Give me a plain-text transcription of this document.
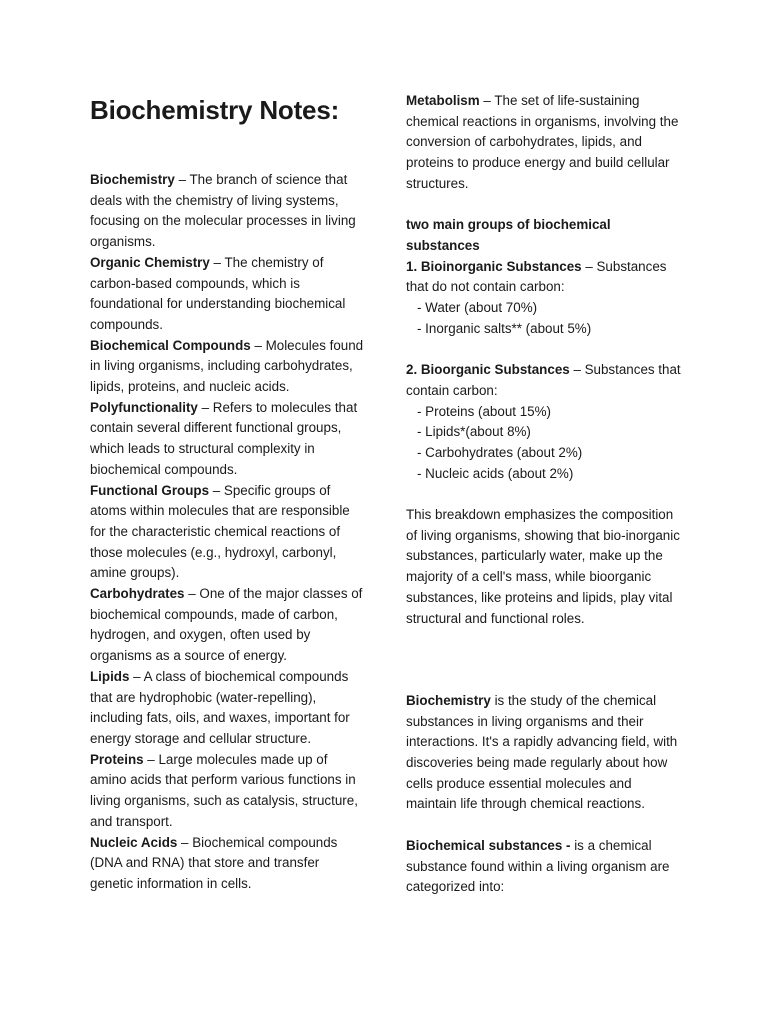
Biochemistry Notes:

Biochemistry – The branch of science that deals with the chemistry of living systems, focusing on the molecular processes in living organisms.

Organic Chemistry – The chemistry of carbon-based compounds, which is foundational for understanding biochemical compounds.

Biochemical Compounds – Molecules found in living organisms, including carbohydrates, lipids, proteins, and nucleic acids.

Polyfunctionality – Refers to molecules that contain several different functional groups, which leads to structural complexity in biochemical compounds.

Functional Groups – Specific groups of atoms within molecules that are responsible for the characteristic chemical reactions of those molecules (e.g., hydroxyl, carbonyl, amine groups).

Carbohydrates – One of the major classes of biochemical compounds, made of carbon, hydrogen, and oxygen, often used by organisms as a source of energy.

Lipids – A class of biochemical compounds that are hydrophobic (water-repelling), including fats, oils, and waxes, important for energy storage and cellular structure.

Proteins – Large molecules made up of amino acids that perform various functions in living organisms, such as catalysis, structure, and transport.

Nucleic Acids – Biochemical compounds (DNA and RNA) that store and transfer genetic information in cells.

Metabolism – The set of life-sustaining chemical reactions in organisms, involving the conversion of carbohydrates, lipids, and proteins to produce energy and build cellular structures.

two main groups of biochemical substances

1. Bioinorganic Substances – Substances that do not contain carbon:

- Water (about 70%)
- Inorganic salts** (about 5%)

2. Bioorganic Substances – Substances that contain carbon:

- Proteins (about 15%)
- Lipids*(about 8%)
- Carbohydrates (about 2%)
- Nucleic acids (about 2%)

This breakdown emphasizes the composition of living organisms, showing that bio-inorganic substances, particularly water, make up the majority of a cell's mass, while bioorganic substances, like proteins and lipids, play vital structural and functional roles.

Biochemistry is the study of the chemical substances in living organisms and their interactions. It's a rapidly advancing field, with discoveries being made regularly about how cells produce essential molecules and maintain life through chemical reactions.

Biochemical substances - is a chemical substance found within a living organism are categorized into:
